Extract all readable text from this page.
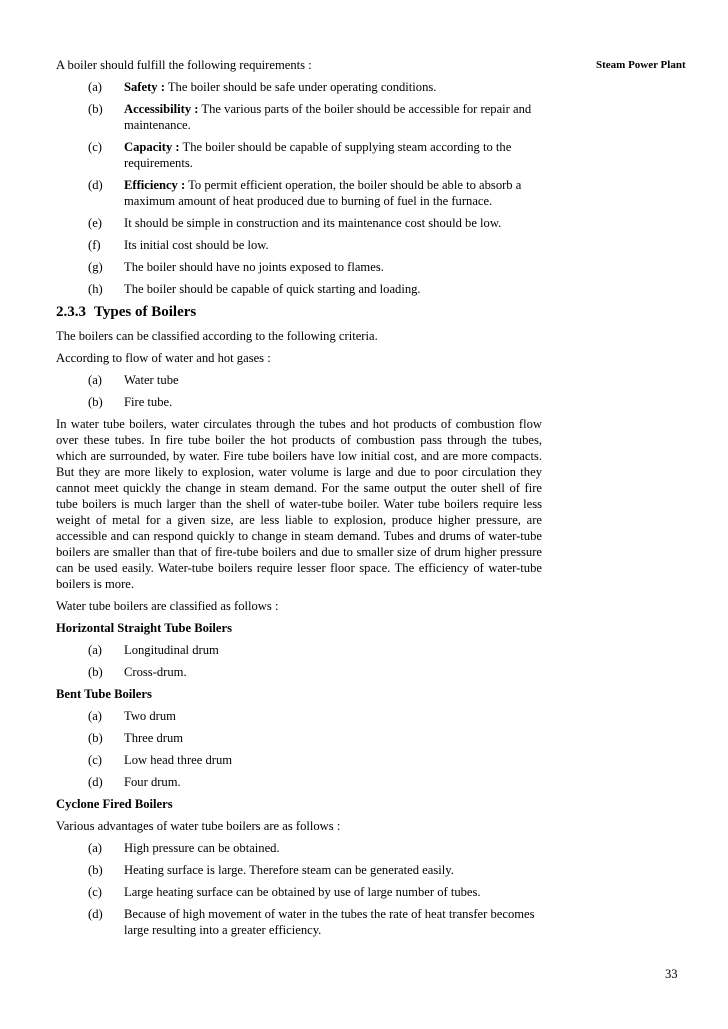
Steam Power Plant

A boiler should fulfill the following requirements :

(a)	Safety : The boiler should be safe under operating conditions.
(b)	Accessibility : The various parts of the boiler should be accessible for repair and maintenance.
(c)	Capacity : The boiler should be capable of supplying steam according to the requirements.
(d)	Efficiency : To permit efficient operation, the boiler should be able to absorb a maximum amount of heat produced due to burning of fuel in the furnace.
(e)	It should be simple in construction and its maintenance cost should be low.
(f)	Its initial cost should be low.
(g)	The boiler should have no joints exposed to flames.
(h)	The boiler should be capable of quick starting and loading.
2.3.3 Types of Boilers

The boilers can be classified according to the following criteria.

According to flow of water and hot gases :

(a)	Water tube
(b)	Fire tube.

In water tube boilers, water circulates through the tubes and hot products of combustion flow over these tubes. In fire tube boiler the hot products of combustion pass through the tubes, which are surrounded, by water. Fire tube boilers have low initial cost, and are more compacts. But they are more likely to explosion, water volume is large and due to poor circulation they cannot meet quickly the change in steam demand. For the same output the outer shell of fire tube boilers is much larger than the shell of water-tube boiler. Water tube boilers require less weight of metal for a given size, are less liable to explosion, produce higher pressure, are accessible and can respond quickly to change in steam demand. Tubes and drums of water-tube boilers are smaller than that of fire-tube boilers and due to smaller size of drum higher pressure can be used easily. Water-tube boilers require lesser floor space. The efficiency of water-tube boilers is more.

Water tube boilers are classified as follows :

Horizontal Straight Tube Boilers
(a)	Longitudinal drum
(b)	Cross-drum.
Bent Tube Boilers
(a)	Two drum
(b)	Three drum
(c)	Low head three drum
(d)	Four drum.
Cyclone Fired Boilers

Various advantages of water tube boilers are as follows :

(a)	High pressure can be obtained.
(b)	Heating surface is large. Therefore steam can be generated easily.
(c)	Large heating surface can be obtained by use of large number of tubes.
(d)	Because of high movement of water in the tubes the rate of heat transfer becomes large resulting into a greater efficiency.
33
